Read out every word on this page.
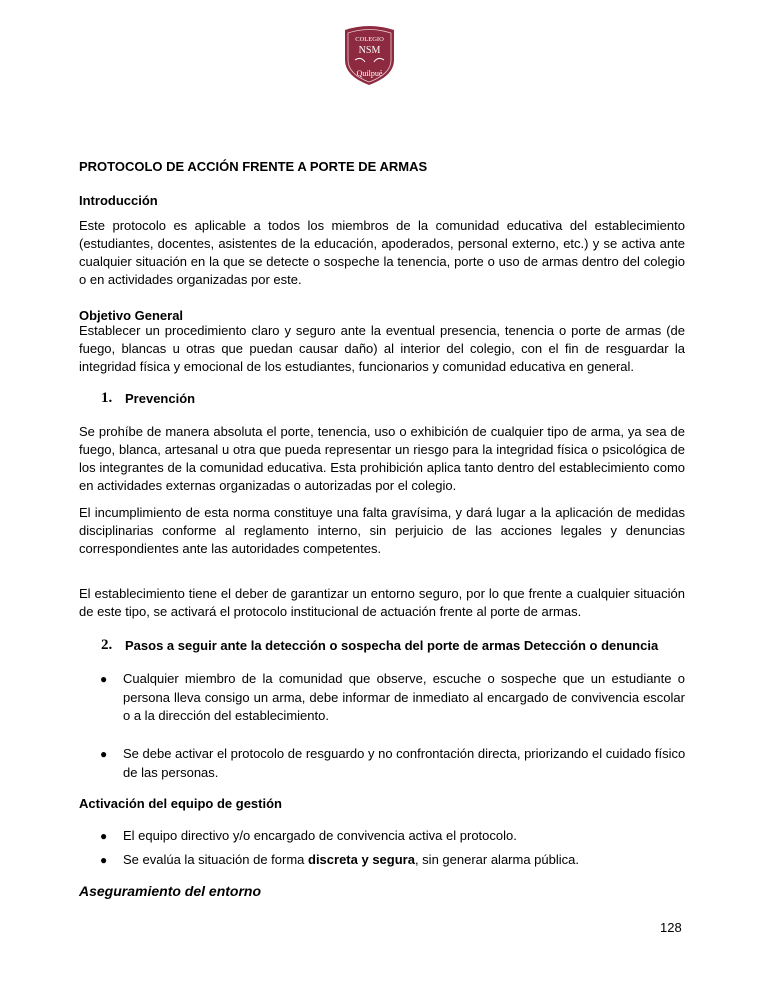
COLEGIO
NSM
Quilpué
PROTOCOLO DE ACCIÓN FRENTE A PORTE DE ARMAS
Introducción

Este protocolo es aplicable a todos los miembros de la comunidad educativa del establecimiento (estudiantes, docentes, asistentes de la educación, apoderados, personal externo, etc.) y se activa ante cualquier situación en la que se detecte o sospeche la tenencia, porte o uso de armas dentro del colegio o en actividades organizadas por este.

Objetivo General

Establecer un procedimiento claro y seguro ante la eventual presencia, tenencia o porte de armas (de fuego, blancas u otras que puedan causar daño) al interior del colegio, con el fin de resguardar la integridad física y emocional de los estudiantes, funcionarios y comunidad educativa en general.

1. Prevención

Se prohíbe de manera absoluta el porte, tenencia, uso o exhibición de cualquier tipo de arma, ya sea de fuego, blanca, artesanal u otra que pueda representar un riesgo para la integridad física o psicológica de los integrantes de la comunidad educativa. Esta prohibición aplica tanto dentro del establecimiento como en actividades externas organizadas o autorizadas por el colegio.

El incumplimiento de esta norma constituye una falta gravísima, y dará lugar a la aplicación de medidas disciplinarias conforme al reglamento interno, sin perjuicio de las acciones legales y denuncias correspondientes ante las autoridades competentes.

El establecimiento tiene el deber de garantizar un entorno seguro, por lo que frente a cualquier situación de este tipo, se activará el protocolo institucional de actuación frente al porte de armas.

2. Pasos a seguir ante la detección o sospecha del porte de armas Detección o denuncia
●	Cualquier miembro de la comunidad que observe, escuche o sospeche que un estudiante o persona lleva consigo un arma, debe informar de inmediato al encargado de convivencia escolar o a la dirección del establecimiento.
●	Se debe activar el protocolo de resguardo y no confrontación directa, priorizando el cuidado físico de las personas.
Activación del equipo de gestión
●	El equipo directivo y/o encargado de convivencia activa el protocolo.
●	Se evalúa la situación de forma discreta y segura, sin generar alarma pública.
Aseguramiento del entorno
128
